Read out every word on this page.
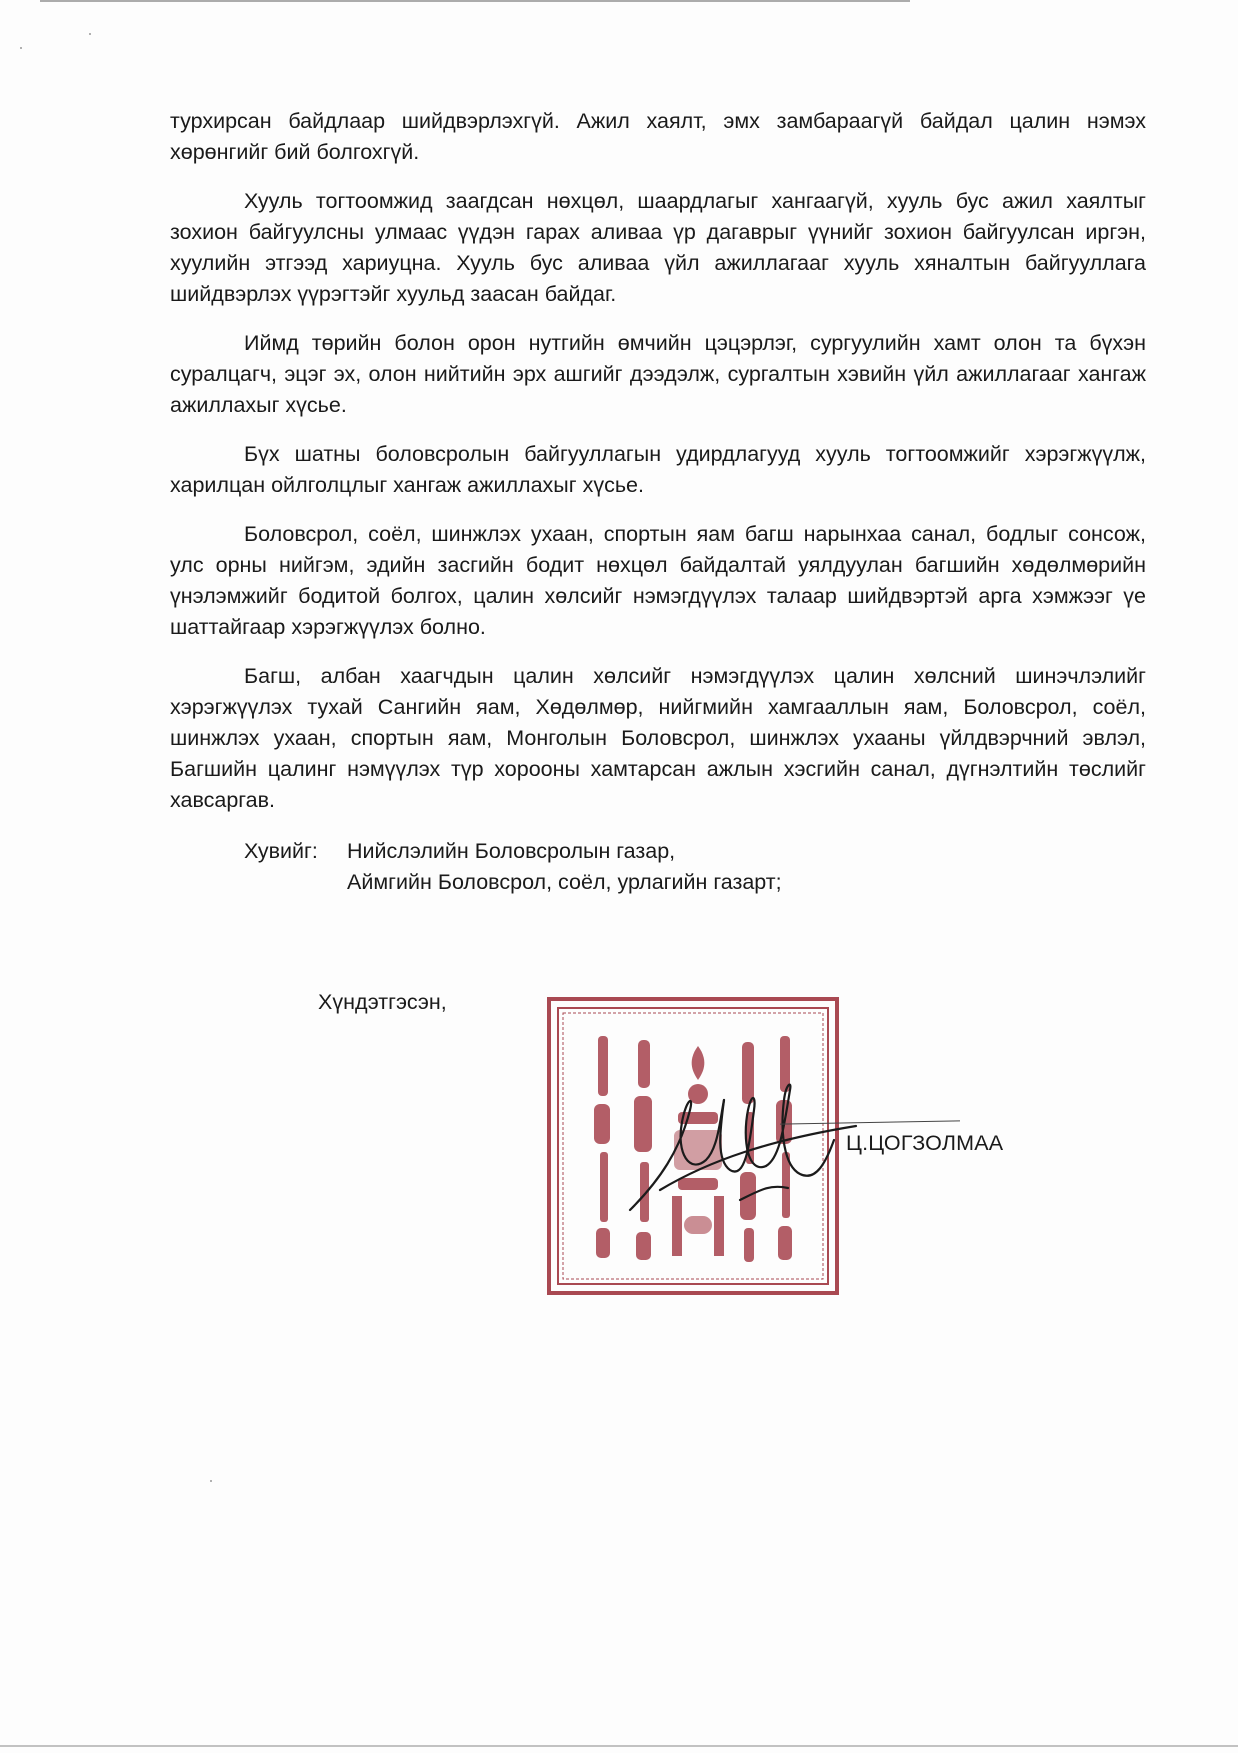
турхирсан байдлаар шийдвэрлэхгүй. Ажил хаялт, эмх замбараагүй байдал цалин нэмэх хөрөнгийг бий болгохгүй.

Хууль тогтоомжид заагдсан нөхцөл, шаардлагыг хангаагүй, хууль бус ажил хаялтыг зохион байгуулсны улмаас үүдэн гарах аливаа үр дагаврыг үүнийг зохион байгуулсан иргэн, хуулийн этгээд хариуцна. Хууль бус аливаа үйл ажиллагааг хууль хяналтын байгууллага шийдвэрлэх үүрэгтэйг хуульд заасан байдаг.

Иймд төрийн болон орон нутгийн өмчийн цэцэрлэг, сургуулийн хамт олон та бүхэн суралцагч, эцэг эх, олон нийтийн эрх ашгийг дээдэлж, сургалтын хэвийн үйл ажиллагааг хангаж ажиллахыг хүсье.

Бүх шатны боловсролын байгууллагын удирдлагууд хууль тогтоомжийг хэрэгжүүлж, харилцан ойлголцлыг хангаж ажиллахыг хүсье.

Боловсрол, соёл, шинжлэх ухаан, спортын яам багш нарынхаа санал, бодлыг сонсож, улс орны нийгэм, эдийн засгийн бодит нөхцөл байдалтай уялдуулан багшийн хөдөлмөрийн үнэлэмжийг бодитой болгох, цалин хөлсийг нэмэгдүүлэх талаар шийдвэртэй арга хэмжээг үе шаттайгаар хэрэгжүүлэх болно.

Багш, албан хаагчдын цалин хөлсийг нэмэгдүүлэх цалин хөлсний шинэчлэлийг хэрэгжүүлэх тухай Сангийн яам, Хөдөлмөр, нийгмийн хамгааллын яам, Боловсрол, соёл, шинжлэх ухаан, спортын яам, Монголын Боловсрол, шинжлэх ухааны үйлдвэрчний эвлэл, Багшийн цалинг нэмүүлэх түр хорооны хамтарсан ажлын хэсгийн санал, дүгнэлтийн төслийг хавсаргав.

Хувийг:	Нийслэлийн Боловсролын газар,
Аймгийн Боловсрол, соёл, урлагийн газарт;
Хүндэтгэсэн,
Ц.ЦОГЗОЛМАА
